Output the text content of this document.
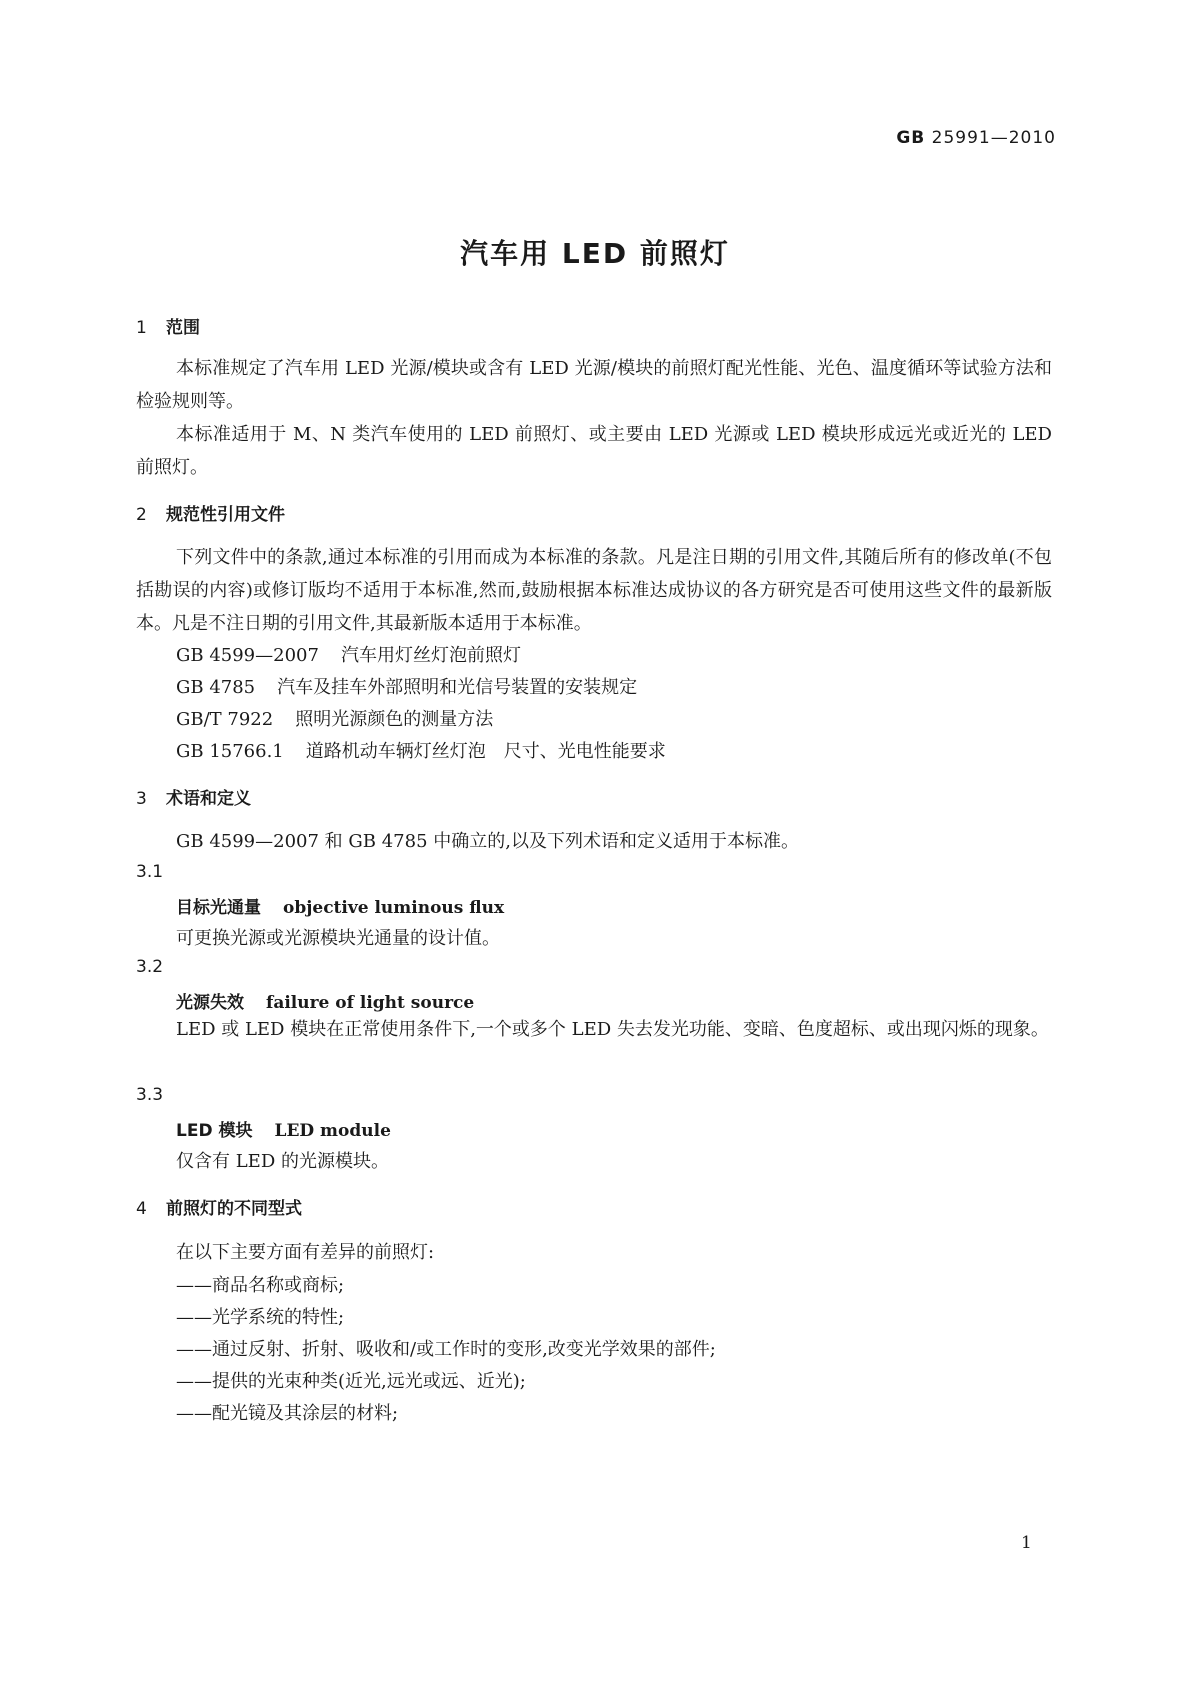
GB 25991—2010
汽车用 LED 前照灯
1 范围
本标准规定了汽车用 LED 光源/模块或含有 LED 光源/模块的前照灯配光性能、光色、温度循环等试验方法和检验规则等。
本标准适用于 M、N 类汽车使用的 LED 前照灯、或主要由 LED 光源或 LED 模块形成远光或近光的 LED 前照灯。
2 规范性引用文件
下列文件中的条款,通过本标准的引用而成为本标准的条款。凡是注日期的引用文件,其随后所有的修改单(不包括勘误的内容)或修订版均不适用于本标准,然而,鼓励根据本标准达成协议的各方研究是否可使用这些文件的最新版本。凡是不注日期的引用文件,其最新版本适用于本标准。
GB 4599—2007 汽车用灯丝灯泡前照灯
GB 4785 汽车及挂车外部照明和光信号装置的安装规定
GB/T 7922 照明光源颜色的测量方法
GB 15766.1 道路机动车辆灯丝灯泡　尺寸、光电性能要求
3 术语和定义
GB 4599—2007 和 GB 4785 中确立的,以及下列术语和定义适用于本标准。
3.1
目标光通量 objective luminous flux
可更换光源或光源模块光通量的设计值。
3.2
光源失效 failure of light source
LED 或 LED 模块在正常使用条件下,一个或多个 LED 失去发光功能、变暗、色度超标、或出现闪烁的现象。
3.3
LED 模块 LED module
仅含有 LED 的光源模块。
4 前照灯的不同型式
在以下主要方面有差异的前照灯:
——商品名称或商标;
——光学系统的特性;
——通过反射、折射、吸收和/或工作时的变形,改变光学效果的部件;
——提供的光束种类(近光,远光或远、近光);
——配光镜及其涂层的材料;
1
